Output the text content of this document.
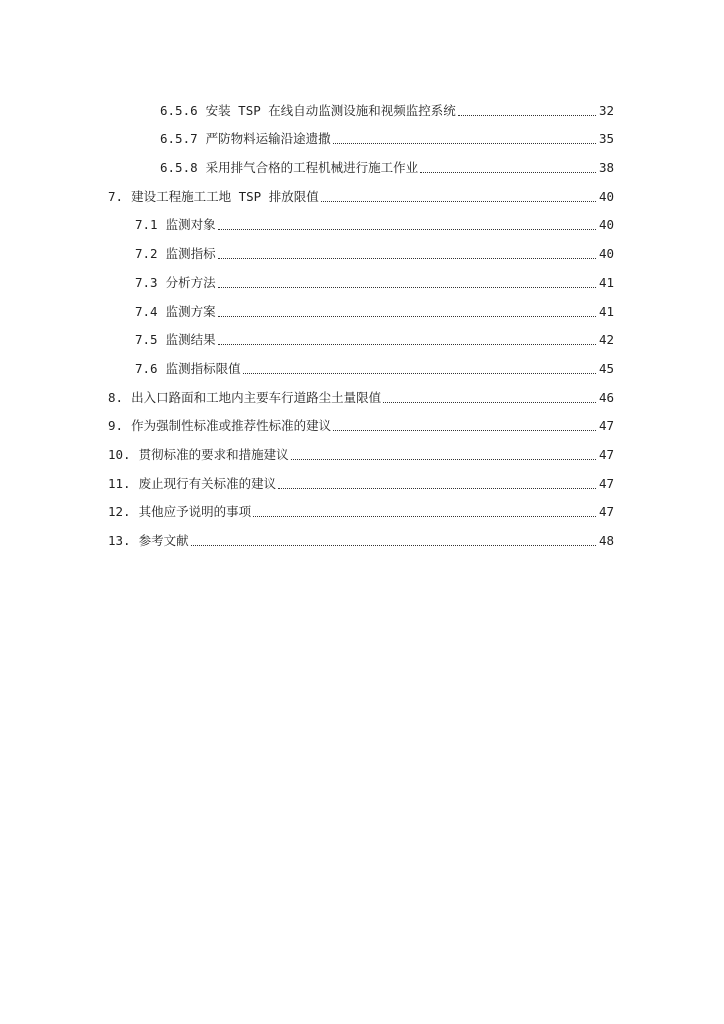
6.5.6 安装 TSP 在线自动监测设施和视频监控系统	32
6.5.7 严防物料运输沿途遗撒	35
6.5.8 采用排气合格的工程机械进行施工作业	38
7. 建设工程施工工地 TSP 排放限值	40
7.1 监测对象	40
7.2 监测指标	40
7.3 分析方法	41
7.4 监测方案	41
7.5 监测结果	42
7.6 监测指标限值	45
8. 出入口路面和工地内主要车行道路尘土量限值	46
9. 作为强制性标准或推荐性标准的建议	47
10. 贯彻标准的要求和措施建议	47
11. 废止现行有关标准的建议	47
12. 其他应予说明的事项	47
13. 参考文献	48
